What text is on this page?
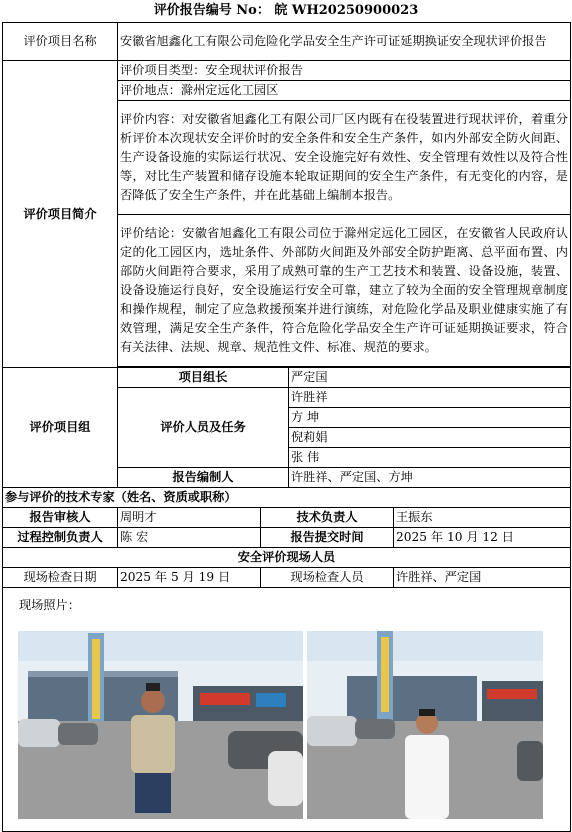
评价报告编号 No： 皖 WH20250900023
评价项目名称	安徽省旭鑫化工有限公司危险化学品安全生产许可证延期换证安全现状评价报告			
评价项目简介	评价项目类型：安全现状评价报告			
	评价地点：滁州定远化工园区			
	评价内容：对安徽省旭鑫化工有限公司厂区内既有在役装置进行现状评价，着重分析评价本次现状安全评价时的安全条件和安全生产条件，如内外部安全防火间距、生产设备设施的实际运行状况、安全设施完好有效性、安全管理有效性以及符合性等，对比生产装置和储存设施本轮取证期间的安全生产条件，有无变化的内容，是否降低了安全生产条件，并在此基础上编制本报告。			
	评价结论：安徽省旭鑫化工有限公司位于滁州定远化工园区，在安徽省人民政府认定的化工园区内，选址条件、外部防火间距及外部安全防护距离、总平面布置、内部防火间距符合要求，采用了成熟可靠的生产工艺技术和装置、设备设施，装置、设备设施运行良好，安全设施运行安全可靠，建立了较为全面的安全管理规章制度和操作规程，制定了应急救援预案并进行演练，对危险化学品及职业健康实施了有效管理，满足安全生产条件，符合危险化学品安全生产许可证延期换证要求，符合有关法律、法规、规章、规范性文件、标准、规范的要求。			

评价项目组	项目组长		严定国	
	评价人员及任务		许胜祥	
			方 坤	
			倪莉娟	
			张 伟	
	报告编制人		许胜祥、严定国、方坤	
参与评价的技术专家（姓名、资质或职称）				
报告审核人	周明才	技术负责人		王振东
过程控制负责人	陈 宏	报告提交时间		2025 年 10 月 12 日
安全评价现场人员				
现场检查日期	2025 年 5 月 19 日	现场检查人员		许胜祥、严定国

现场照片：				
